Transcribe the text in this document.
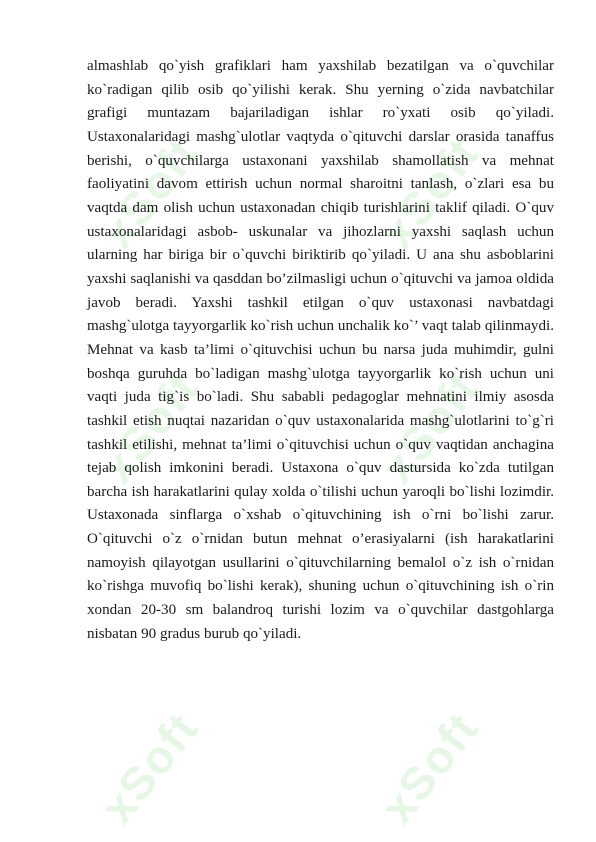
xSoft	xSoft
xSoft	xSoft
xSoft	xSoft

almashlab qo`yish grafiklari ham yaxshilab bezatilgan va o`quvchilar ko`radigan qilib osib qo`yilishi kerak. Shu yerning o`zida navbatchilar grafigi muntazam bajariladigan ishlar ro`yxati osib qo`yiladi. Ustaxonalaridagi mashg`ulotlar vaqtyda o`qituvchi darslar orasida tanaffus berishi, o`quvchilarga ustaxonani yaxshilab shamollatish va mehnat faoliyatini davom ettirish uchun normal sharoitni tanlash, o`zlari esa bu vaqtda dam olish uchun ustaxonadan chiqib turishlarini taklif qiladi. O`quv ustaxonalaridagi asbob- uskunalar va jihozlarni yaxshi saqlash uchun ularning har biriga bir o`quvchi biriktirib qo`yiladi. U ana shu asboblarini yaxshi saqlanishi va qasddan bo’zilmasligi uchun o`qituvchi va jamoa oldida javob beradi. Yaxshi tashkil etilgan o`quv ustaxonasi navbatdagi mashg`ulotga tayyorgarlik ko`rish uchun unchalik ko`’ vaqt talab qilinmaydi. Mehnat va kasb ta’limi o`qituvchisi uchun bu narsa juda muhimdir, gulni boshqa guruhda bo`ladigan mashg`ulotga tayyorgarlik ko`rish uchun uni vaqti juda tig`is bo`ladi. Shu sababli pedagoglar mehnatini ilmiy asosda tashkil etish nuqtai nazaridan o`quv ustaxonalarida mashg`ulotlarini to`g`ri tashkil etilishi, mehnat ta’limi o`qituvchisi uchun o`quv vaqtidan anchagina tejab qolish imkonini beradi. Ustaxona o`quv dastursida ko`zda tutilgan barcha ish harakatlarini qulay xolda o`tilishi uchun yaroqli bo`lishi lozimdir. Ustaxonada sinflarga o`xshab o`qituvchining ish o`rni bo`lishi zarur. O`qituvchi o`z o`rnidan butun mehnat o’erasiyalarni (ish harakatlarini namoyish qilayotgan usullarini o`qituvchilarning bemalol o`z ish o`rnidan ko`rishga muvofiq bo`lishi kerak), shuning uchun o`qituvchining ish o`rin xondan 20-30 sm balandroq turishi lozim va o`quvchilar dastgohlarga nisbatan 90 gradus burub qo`yiladi.
